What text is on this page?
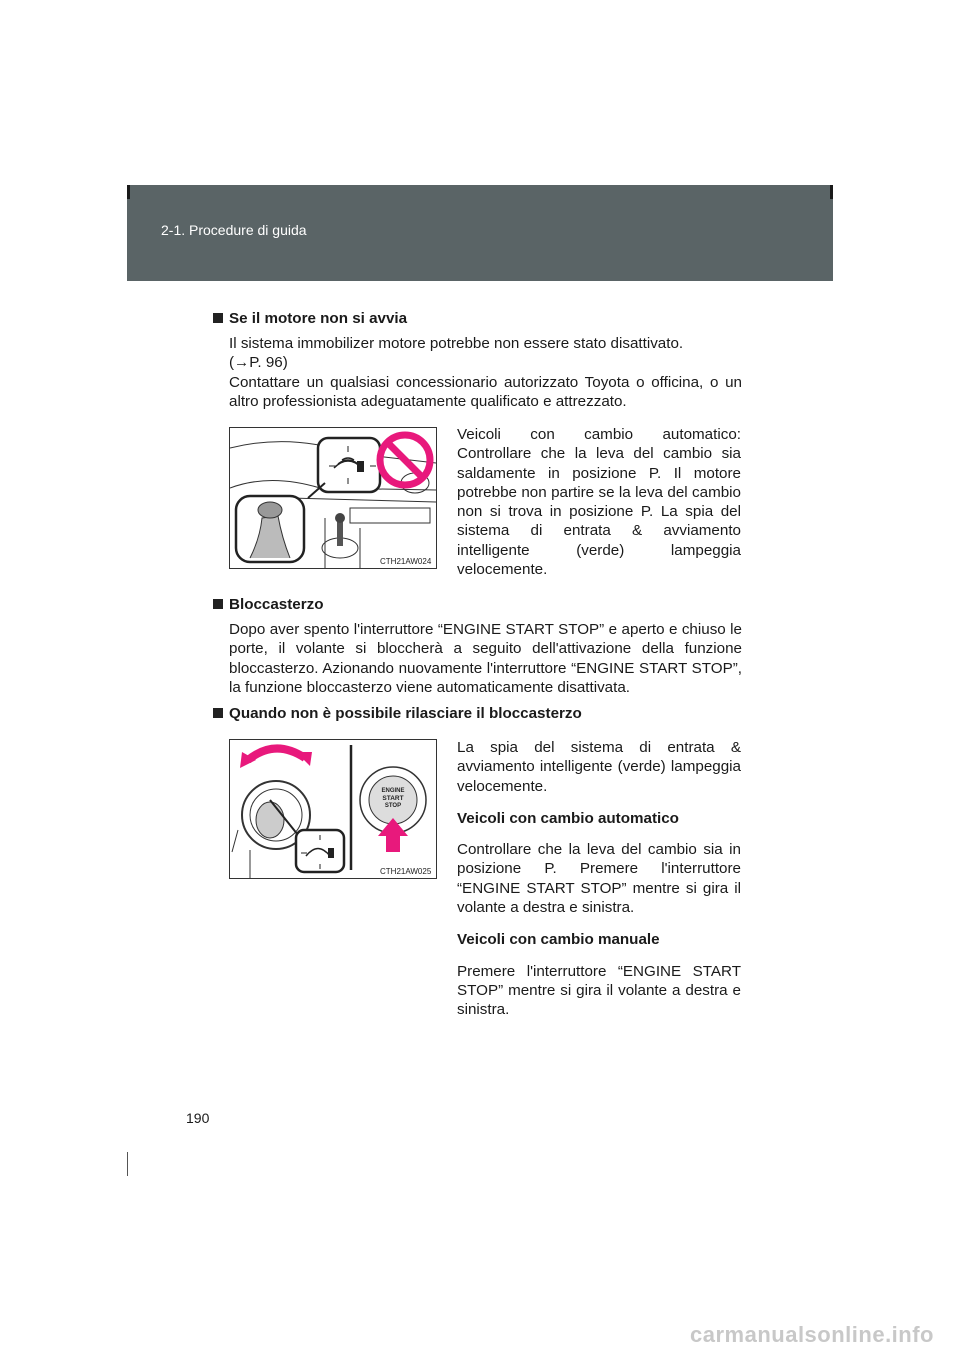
2-1. Procedure di guida
Se il motore non si avvia
Il sistema immobilizer motore potrebbe non essere stato disattivato.
(→P. 96)
Contattare un qualsiasi concessionario autorizzato Toyota o officina, o un altro professionista adeguatamente qualificato e attrezzato.
CTH21AW024
Veicoli con cambio automatico: Controllare che la leva del cambio sia saldamente in posizione P. Il motore potrebbe non partire se la leva del cambio non si trova in posizione P. La spia del sistema di entrata & avviamento intelligente (verde) lampeggia velocemente.
Bloccasterzo
Dopo aver spento l'interruttore “ENGINE START STOP” e aperto e chiuso le porte, il volante si bloccherà a seguito dell'attivazione della funzione bloccasterzo. Azionando nuovamente l'interruttore “ENGINE START STOP”, la funzione bloccasterzo viene automaticamente disattivata.
Quando non è possibile rilasciare il bloccasterzo
ENGINE
START
STOP
CTH21AW025
La spia del sistema di entrata & avviamento intelligente (verde) lampeggia velocemente.
Veicoli con cambio automatico
Controllare che la leva del cambio sia in posizione P. Premere l'interruttore “ENGINE START STOP” mentre si gira il volante a destra e sinistra.
Veicoli con cambio manuale
Premere l'interruttore “ENGINE START STOP” mentre si gira il volante a destra e sinistra.
190
carmanualsonline.info
